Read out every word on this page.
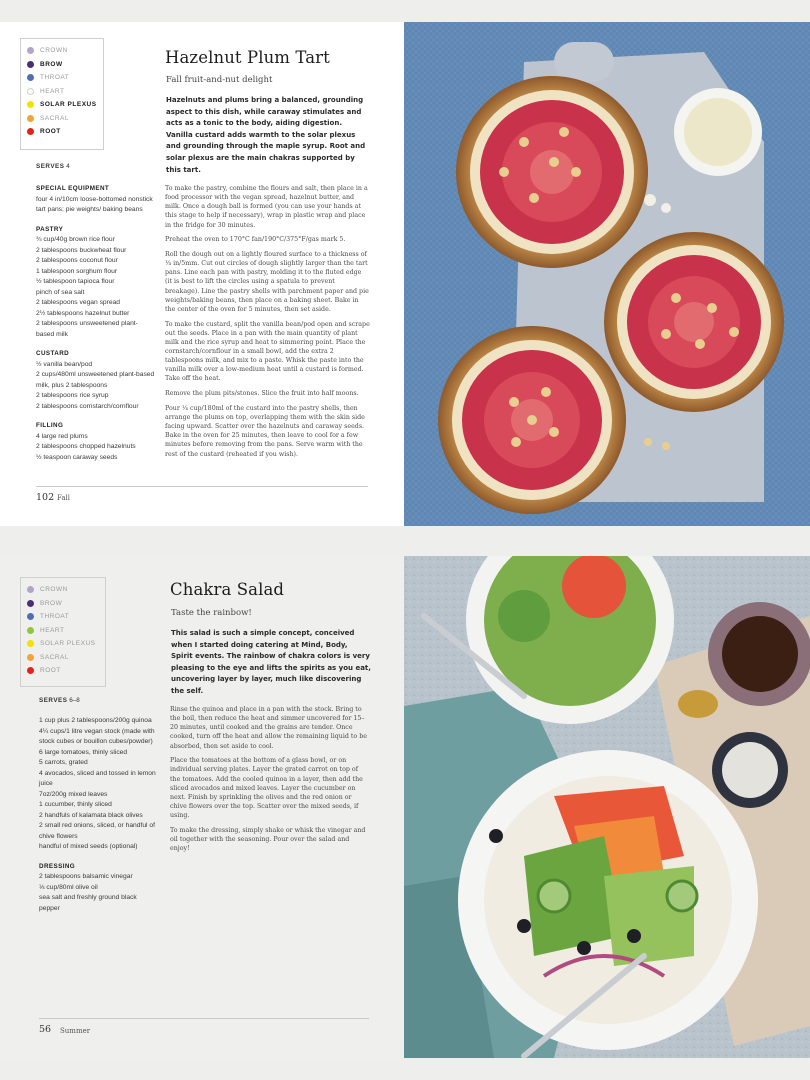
CROWN
BROW
THROAT
HEART
SOLAR PLEXUS
SACRAL
ROOT
Hazelnut Plum Tart
Fall fruit-and-nut delight
Hazelnuts and plums bring a balanced, grounding aspect to this dish, while caraway stimulates and acts as a tonic to the body, aiding digestion. Vanilla custard adds warmth to the solar plexus and grounding through the maple syrup. Root and solar plexus are the main chakras supported by this tart.
SERVES 4
SPECIAL EQUIPMENT
four 4 in/10cm loose-bottomed nonstick tart pans; pie weights/ baking beans
PASTRY
¾ cup/40g brown rice flour
2 tablespoons buckwheat flour
2 tablespoons coconut flour
1 tablespoon sorghum flour
½ tablespoon tapioca flour
pinch of sea salt
2 tablespoons vegan spread
2½ tablespoons hazelnut butter
2 tablespoons unsweetened plant-based milk
CUSTARD
½ vanilla bean/pod
2 cups/480ml unsweetened plant-based milk, plus 2 tablespoons
2 tablespoons rice syrup
2 tablespoons cornstarch/cornflour
FILLING
4 large red plums
2 tablespoons chopped hazelnuts
½ teaspoon caraway seeds

To make the pastry, combine the flours and salt, then place in a food processor with the vegan spread, hazelnut butter, and milk. Once a dough ball is formed (you can use your hands at this stage to help if necessary), wrap in plastic wrap and place in the fridge for 30 minutes.

Preheat the oven to 170°C fan/190°C/375°F/gas mark 5.

Roll the dough out on a lightly floured surface to a thickness of ¼ in/5mm. Cut out circles of dough slightly larger than the tart pans. Line each pan with pastry, molding it to the fluted edge (it is best to lift the circles using a spatula to prevent breakage). Line the pastry shells with parchment paper and pie weights/baking beans, then place on a baking sheet. Bake in the center of the oven for 5 minutes, then set aside.

To make the custard, split the vanilla bean/pod open and scrape out the seeds. Place in a pan with the main quantity of plant milk and the rice syrup and heat to simmering point. Place the cornstarch/cornflour in a small bowl, add the extra 2 tablespoons milk, and mix to a paste. Whisk the paste into the vanilla milk over a low-medium heat until a custard is formed. Take off the heat.

Remove the plum pits/stones. Slice the fruit into half moons.

Pour ¼ cup/180ml of the custard into the pastry shells, then arrange the plums on top, overlapping them with the skin side facing upward. Scatter over the hazelnuts and caraway seeds. Bake in the oven for 25 minutes, then leave to cool for a few minutes before removing from the pans. Serve warm with the rest of the custard (reheated if you wish).

102 Fall
CROWN
BROW
THROAT
HEART
SOLAR PLEXUS
SACRAL
ROOT
Chakra Salad
Taste the rainbow!
This salad is such a simple concept, conceived when I started doing catering at Mind, Body, Spirit events. The rainbow of chakra colors is very pleasing to the eye and lifts the spirits as you eat, uncovering layer by layer, much like discovering the self.
SERVES 6–8
1 cup plus 2 tablespoons/200g quinoa
4¼ cups/1 litre vegan stock (made with stock cubes or bouillon cubes/powder)
6 large tomatoes, thinly sliced
5 carrots, grated
4 avocados, sliced and tossed in lemon juice
7oz/200g mixed leaves
1 cucumber, thinly sliced
2 handfuls of kalamata black olives
2 small red onions, sliced, or handful of chive flowers
handful of mixed seeds (optional)
DRESSING
2 tablespoons balsamic vinegar
⅓ cup/80ml olive oil
sea salt and freshly ground black pepper

Rinse the quinoa and place in a pan with the stock. Bring to the boil, then reduce the heat and simmer uncovered for 15–20 minutes, until cooked and the grains are tender. Once cooked, turn off the heat and allow the remaining liquid to be absorbed, then set aside to cool.

Place the tomatoes at the bottom of a glass bowl, or on individual serving plates. Layer the grated carrot on top of the tomatoes. Add the cooled quinoa in a layer, then add the sliced avocados and mixed leaves. Layer the cucumber on next. Finish by sprinkling the olives and the red onion or chive flowers over the top. Scatter over the mixed seeds, if using.

To make the dressing, simply shake or whisk the vinegar and oil together with the seasoning. Pour over the salad and enjoy!

56 Summer
